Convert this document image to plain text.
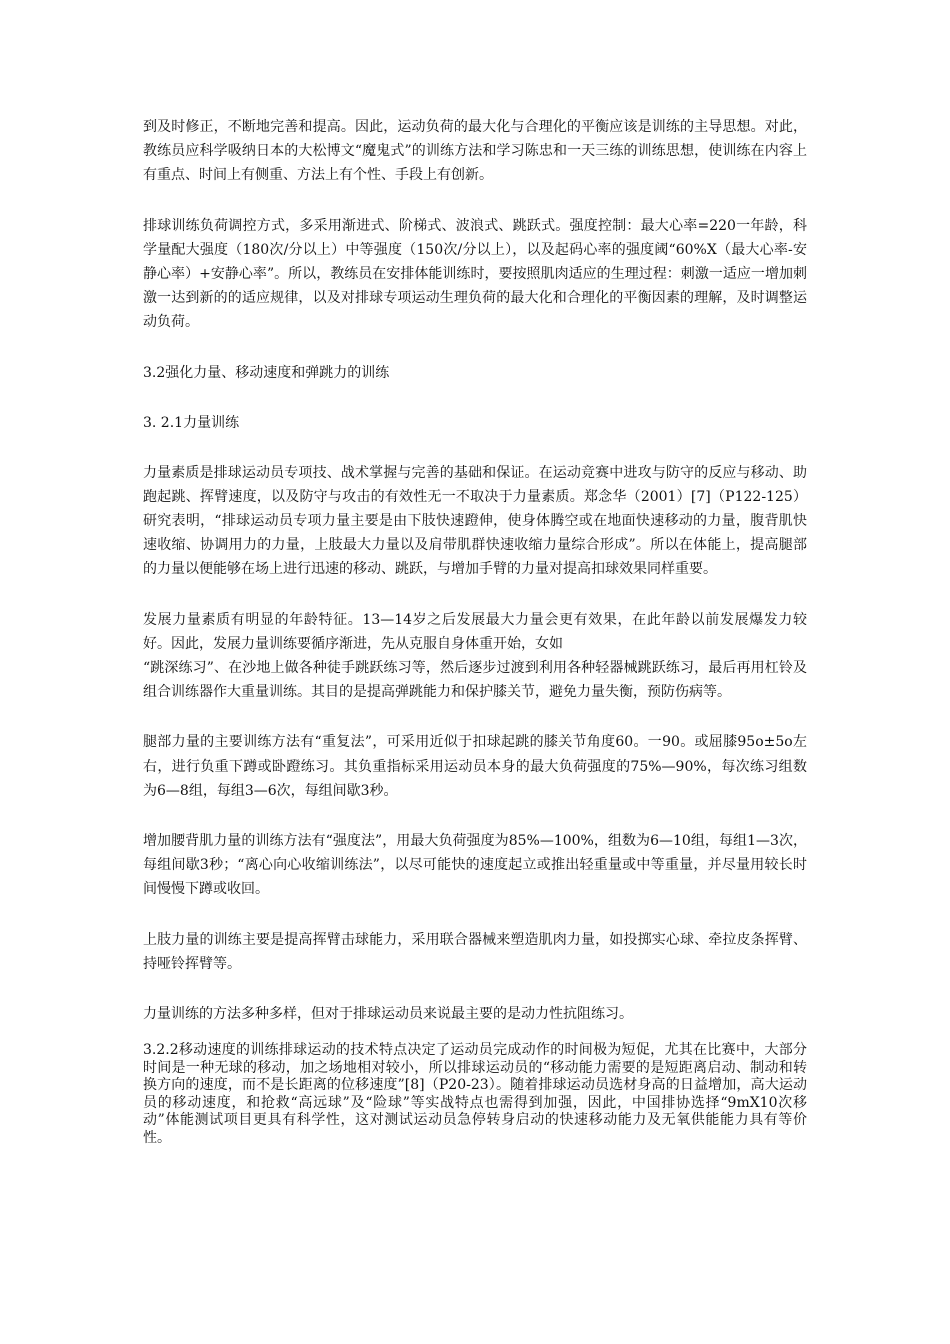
到及时修正，不断地完善和提高。因此，运动负荷的最大化与合理化的平衡应该是训练的主导思想。对此，教练员应科学吸纳日本的大松博文“魔鬼式”的训练方法和学习陈忠和一天三练的训练思想，使训练在内容上有重点、时间上有侧重、方法上有个性、手段上有创新。

排球训练负荷调控方式，多采用渐进式、阶梯式、波浪式、跳跃式。强度控制：最大心率=220一年龄，科学量配大强度（180次/分以上）中等强度（150次/分以上），以及起码心率的强度阈“60%X（最大心率-安静心率）+安静心率”。所以，教练员在安排体能训练时，要按照肌肉适应的生理过程：刺激一适应一增加刺激一达到新的的适应规律，以及对排球专项运动生理负荷的最大化和合理化的平衡因素的理解，及时调整运动负荷。

3.2强化力量、移动速度和弹跳力的训练

3. 2.1力量训练

力量素质是排球运动员专项技、战术掌握与完善的基础和保证。在运动竞赛中进攻与防守的反应与移动、助跑起跳、挥臂速度，以及防守与攻击的有效性无一不取决于力量素质。郑念华（2001）[7]（P122-125）研究表明，“排球运动员专项力量主要是由下肢快速蹬伸，使身体腾空或在地面快速移动的力量，腹背肌快速收缩、协调用力的力量，上肢最大力量以及肩带肌群快速收缩力量综合形成”。所以在体能上，提高腿部的力量以便能够在场上进行迅速的移动、跳跃，与增加手臂的力量对提高扣球效果同样重要。

发展力量素质有明显的年龄特征。13—14岁之后发展最大力量会更有效果，在此年龄以前发展爆发力较好。因此，发展力量训练要循序渐进，先从克服自身体重开始，女如
“跳深练习”、在沙地上做各种徒手跳跃练习等，然后逐步过渡到利用各种轻器械跳跃练习，最后再用杠铃及组合训练器作大重量训练。其目的是提高弹跳能力和保护膝关节，避免力量失衡，预防伤病等。

腿部力量的主要训练方法有“重复法”，可采用近似于扣球起跳的膝关节角度60。一90。或屈膝95o±5o左右，进行负重下蹲或卧蹬练习。其负重指标采用运动员本身的最大负荷强度的75%—90%，每次练习组数为6—8组，每组3—6次，每组间歇3秒。

增加腰背肌力量的训练方法有“强度法”，用最大负荷强度为85%—100%，组数为6—10组，每组1—3次，每组间歇3秒；“离心向心收缩训练法”，以尽可能快的速度起立或推出轻重量或中等重量，并尽量用较长时间慢慢下蹲或收回。

上肢力量的训练主要是提高挥臂击球能力，采用联合器械来塑造肌肉力量，如投掷实心球、牵拉皮条挥臂、持哑铃挥臂等。

力量训练的方法多种多样，但对于排球运动员来说最主要的是动力性抗阻练习。

3.2.2移动速度的训练排球运动的技术特点决定了运动员完成动作的时间极为短促，尤其在比赛中，大部分时间是一种无球的移动，加之场地相对较小，所以排球运动员的“移动能力需要的是短距离启动、制动和转换方向的速度，而不是长距离的位移速度”[8]（P20-23）。随着排球运动员选材身高的日益增加，高大运动员的移动速度，和抢救“高远球”及“险球”等实战特点也需得到加强，因此，中国排协选择“9mX10次移动”体能测试项目更具有科学性，这对测试运动员急停转身启动的快速移动能力及无氧供能能力具有等价性。
